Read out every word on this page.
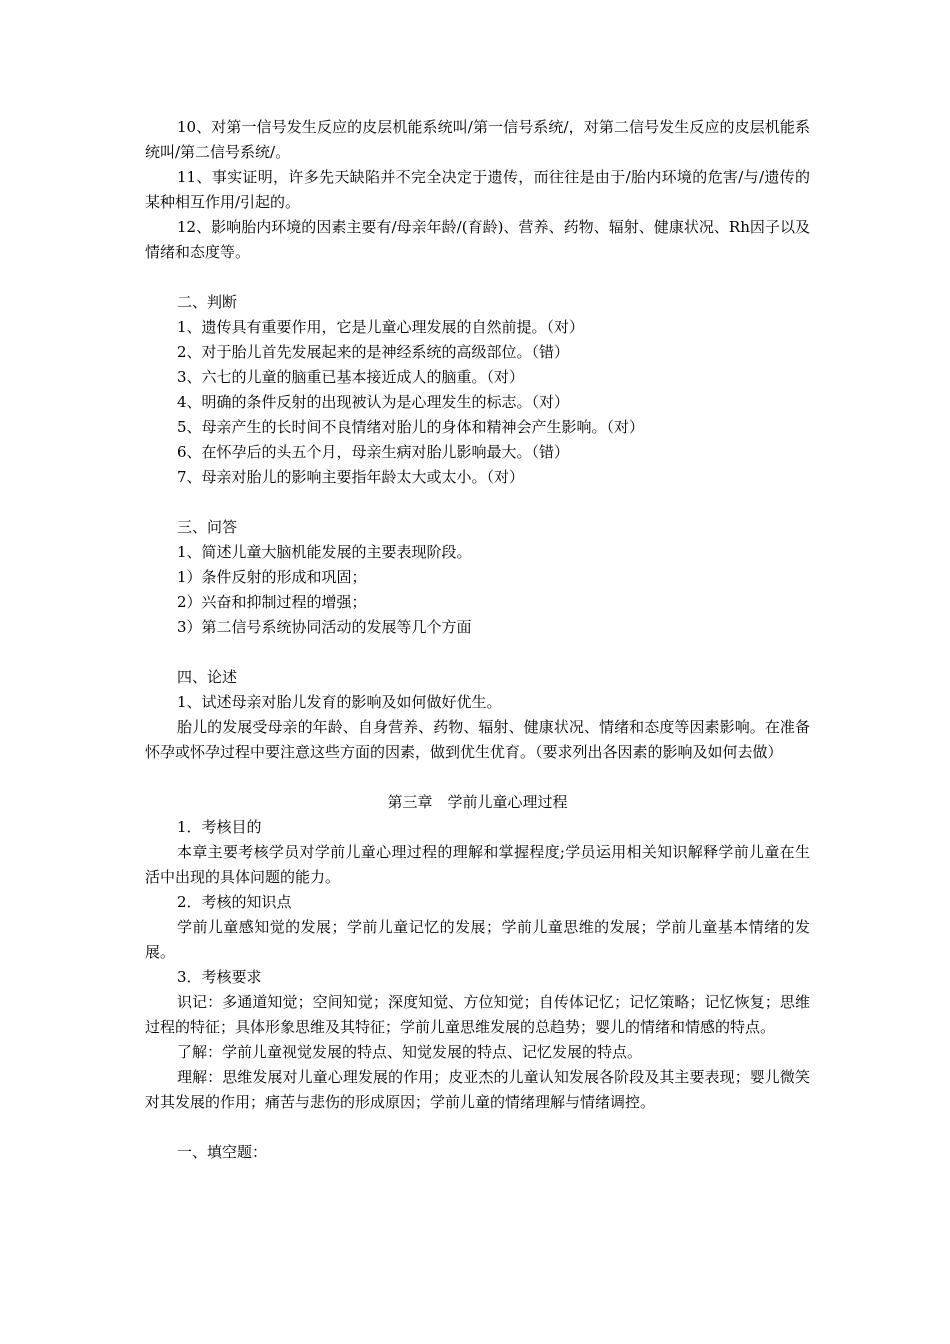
10、对第一信号发生反应的皮层机能系统叫/第一信号系统/，对第二信号发生反应的皮层机能系统叫/第二信号系统/。

11、事实证明，许多先天缺陷并不完全决定于遗传，而往往是由于/胎内环境的危害/与/遗传的某种相互作用/引起的。

12、影响胎内环境的因素主要有/母亲年龄/(育龄)、营养、药物、辐射、健康状况、Rh因子以及情绪和态度等。

二、判断

1、遗传具有重要作用，它是儿童心理发展的自然前提。（对）

2、对于胎儿首先发展起来的是神经系统的高级部位。（错）

3、六七的儿童的脑重已基本接近成人的脑重。（对）

4、明确的条件反射的出现被认为是心理发生的标志。（对）

5、母亲产生的长时间不良情绪对胎儿的身体和精神会产生影响。（对）

6、在怀孕后的头五个月，母亲生病对胎儿影响最大。（错）

7、母亲对胎儿的影响主要指年龄太大或太小。（对）

三、问答

1、简述儿童大脑机能发展的主要表现阶段。

1）条件反射的形成和巩固；

2）兴奋和抑制过程的增强；

3）第二信号系统协同活动的发展等几个方面

四、论述

1、试述母亲对胎儿发育的影响及如何做好优生。

胎儿的发展受母亲的年龄、自身营养、药物、辐射、健康状况、情绪和态度等因素影响。在准备怀孕或怀孕过程中要注意这些方面的因素，做到优生优育。（要求列出各因素的影响及如何去做）

第三章　学前儿童心理过程

1．考核目的

本章主要考核学员对学前儿童心理过程的理解和掌握程度;学员运用相关知识解释学前儿童在生活中出现的具体问题的能力。

2．考核的知识点

学前儿童感知觉的发展；学前儿童记忆的发展；学前儿童思维的发展；学前儿童基本情绪的发展。

3．考核要求

识记：多通道知觉；空间知觉；深度知觉、方位知觉；自传体记忆；记忆策略；记忆恢复；思维过程的特征；具体形象思维及其特征；学前儿童思维发展的总趋势；婴儿的情绪和情感的特点。

了解：学前儿童视觉发展的特点、知觉发展的特点、记忆发展的特点。

理解：思维发展对儿童心理发展的作用；皮亚杰的儿童认知发展各阶段及其主要表现；婴儿微笑对其发展的作用；痛苦与悲伤的形成原因；学前儿童的情绪理解与情绪调控。

一、填空题：
